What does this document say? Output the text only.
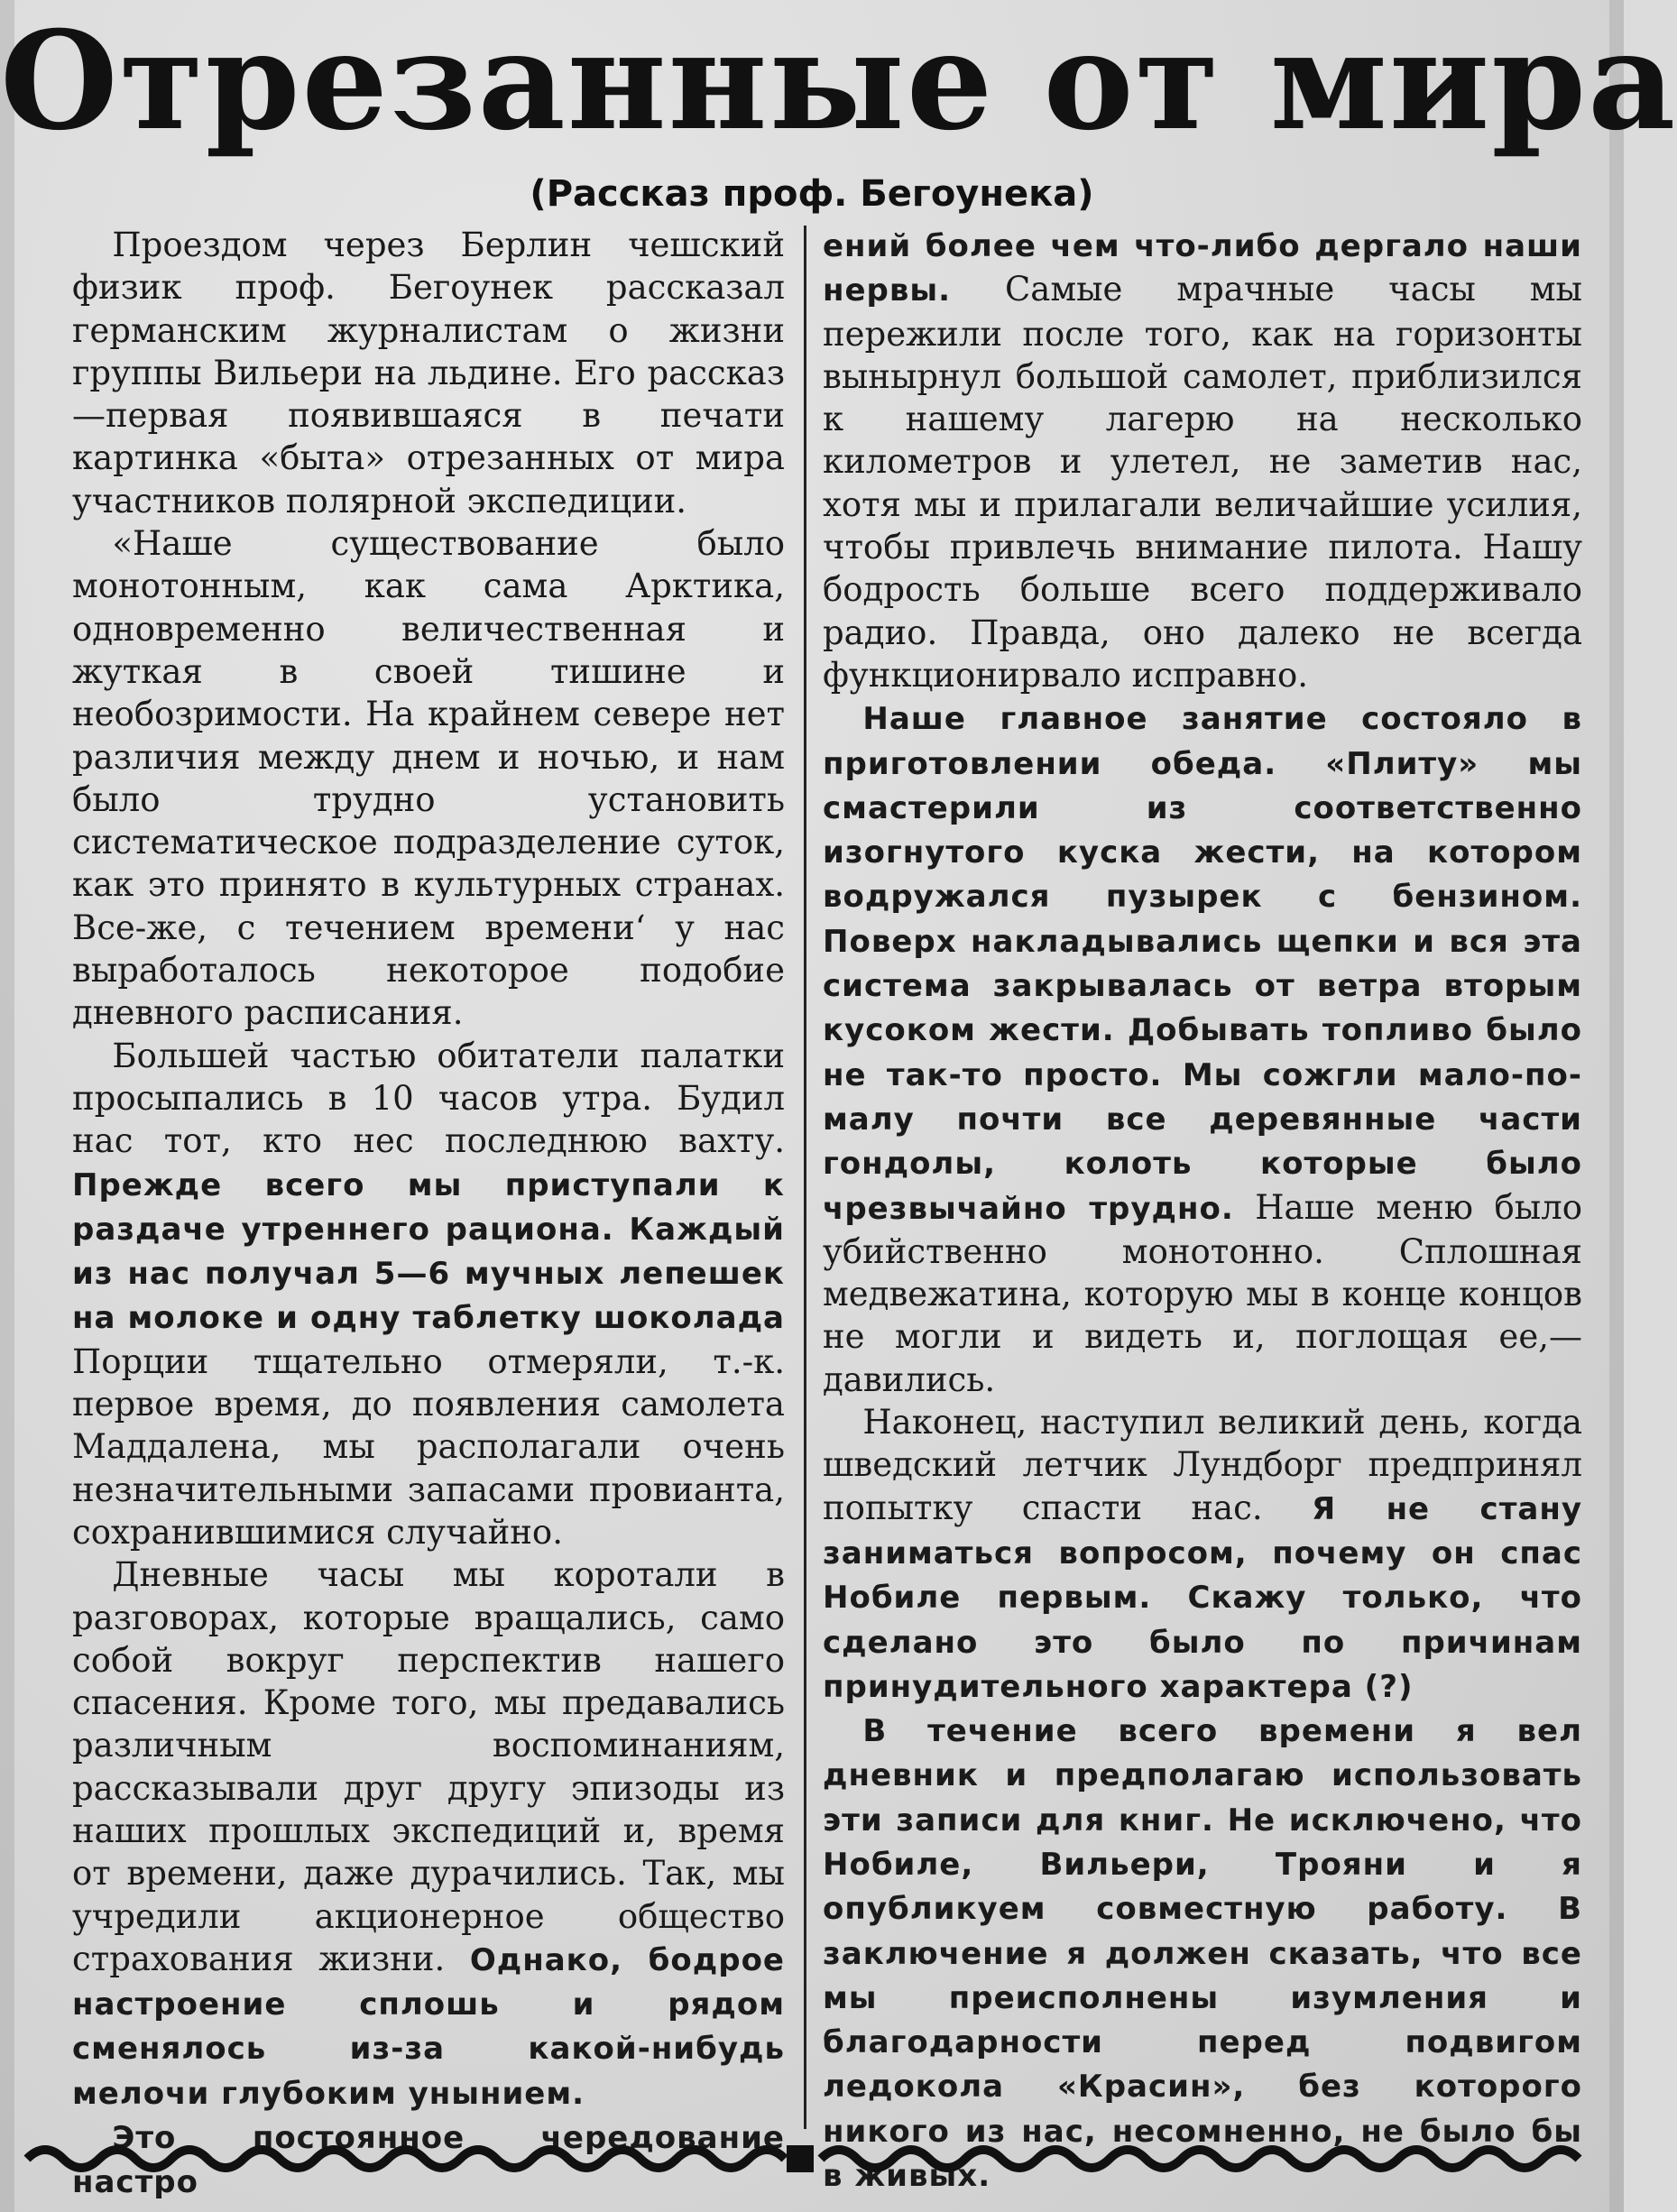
Отрезанные от мира
(Рассказ проф. Бегоунека)

Проездом через Берлин чешский физик проф. Бегоунек рассказал германским журналистам о жизни группы Вильери на льдине. Его рассказ—первая появившаяся в печати картинка «быта» отрезанных от мира участников полярной экспедиции.

«Наше существование было монотонным, как сама Арктика, одновременно величественная и жуткая в своей тишине и необозримости. На крайнем севере нет различия между днем и ночью, и нам было трудно установить систематическое подразделение суток, как это принято в культурных странах. Все-же, с течением времени‘ у нас выработалось некоторое подобие дневного расписания.

Большей частью обитатели палатки просыпались в 10 часов утра. Будил нас тот, кто нес последнюю вахту. Прежде всего мы приступали к раздаче утреннего рациона. Каждый из нас получал 5—6 мучных лепешек на молоке и одну таблетку шоколада Порции тщательно отмеряли, т.-к. первое время, до появления самолета Маддалена, мы располагали очень незначительными запасами провианта, сохранившимися случайно.

Дневные часы мы коротали в разговорах, которые вращались, само собой вокруг перспектив нашего спасения. Кроме того, мы предавались различным воспоминаниям, рассказывали друг другу эпизоды из наших прошлых экспедиций и, время от времени, даже дурачились. Так, мы учредили акционерное общество страхования жизни. Однако, бодрое настроение сплошь и рядом сменялось из-за какой-нибудь мелочи глубоким унынием.

Это постоянное чередование настро

ений более чем что-либо дергало наши нервы. Самые мрачные часы мы пережили после того, как на горизонты вынырнул большой самолет, приблизился к нашему лагерю на несколько километров и улетел, не заметив нас, хотя мы и прилагали величайшие усилия, чтобы привлечь внимание пилота. Нашу бодрость больше всего поддерживало радио. Правда, оно далеко не всегда функционирвало исправно.

Наше главное занятие состояло в приготовлении обеда. «Плиту» мы смастерили из соответственно изогнутого куска жести, на котором водружался пузырек с бензином. Поверх накладывались щепки и вся эта система закрывалась от ветра вторым кусоком жести. Добывать топливо было не так-то просто. Мы сожгли мало-по-малу почти все деревянные части гондолы, колоть которые было чрезвычайно трудно. Наше меню было убийственно монотонно. Сплошная медвежатина, которую мы в конце концов не могли и видеть и, поглощая ее,—давились.

Наконец, наступил великий день, когда шведский летчик Лундборг предпринял попытку спасти нас. Я не стану заниматься вопросом, почему он спас Нобиле первым. Скажу только, что сделано это было по причинам принудительного характера (?)

В течение всего времени я вел дневник и предполагаю использовать эти записи для книг. Не исключено, что Нобиле, Вильери, Трояни и я опубликуем совместную работу. В заключение я должен сказать, что все мы преисполнены изумления и благодарности перед подвигом ледокола «Красин», без которого никого из нас, несомненно, не было бы в живых.
